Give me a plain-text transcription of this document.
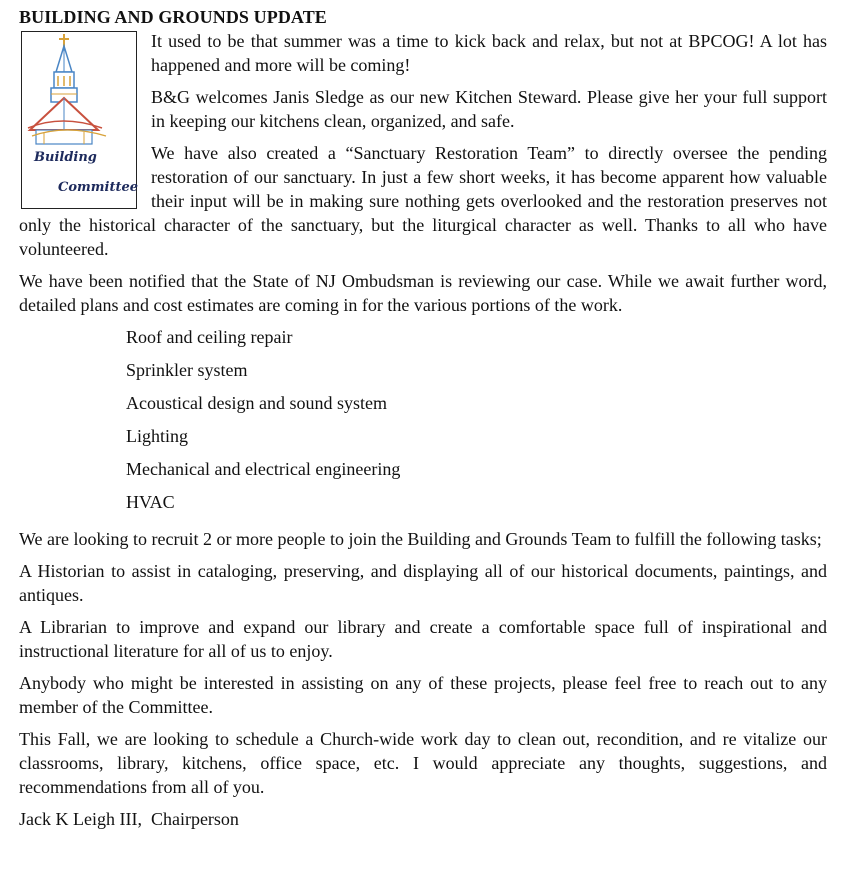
BUILDING AND GROUNDS UPDATE
Building
Committee

It used to be that summer was a time to kick back and relax, but not at BPCOG! A lot has happened and more will be coming!

B&G welcomes Janis Sledge as our new Kitchen Steward. Please give her your full support in keeping our kitchens clean, organized, and safe.

We have also created a “Sanctuary Restoration Team” to directly oversee the pending restoration of our sanctuary. In just a few short weeks, it has become apparent how valuable their input will be in making sure nothing gets overlooked and the restoration preserves not only the historical character of the sanctuary, but the liturgical character as well. Thanks to all who have volunteered.

We have been notified that the State of NJ Ombudsman is reviewing our case. While we await further word, detailed plans and cost estimates are coming in for the various portions of the work.

Roof and ceiling repair
Sprinkler system
Acoustical design and sound system
Lighting
Mechanical and electrical engineering
HVAC

We are looking to recruit 2 or more people to join the Building and Grounds Team to fulfill the following tasks;

A Historian to assist in cataloging, preserving, and displaying all of our historical documents, paintings, and antiques.

A Librarian to improve and expand our library and create a comfortable space full of inspirational and instructional literature for all of us to enjoy.

Anybody who might be interested in assisting on any of these projects, please feel free to reach out to any member of the Committee.

This Fall, we are looking to schedule a Church-wide work day to clean out, recondition, and re vitalize our classrooms, library, kitchens, office space, etc. I would appreciate any thoughts, suggestions, and recommendations from all of you.

Jack K Leigh III,  Chairperson
